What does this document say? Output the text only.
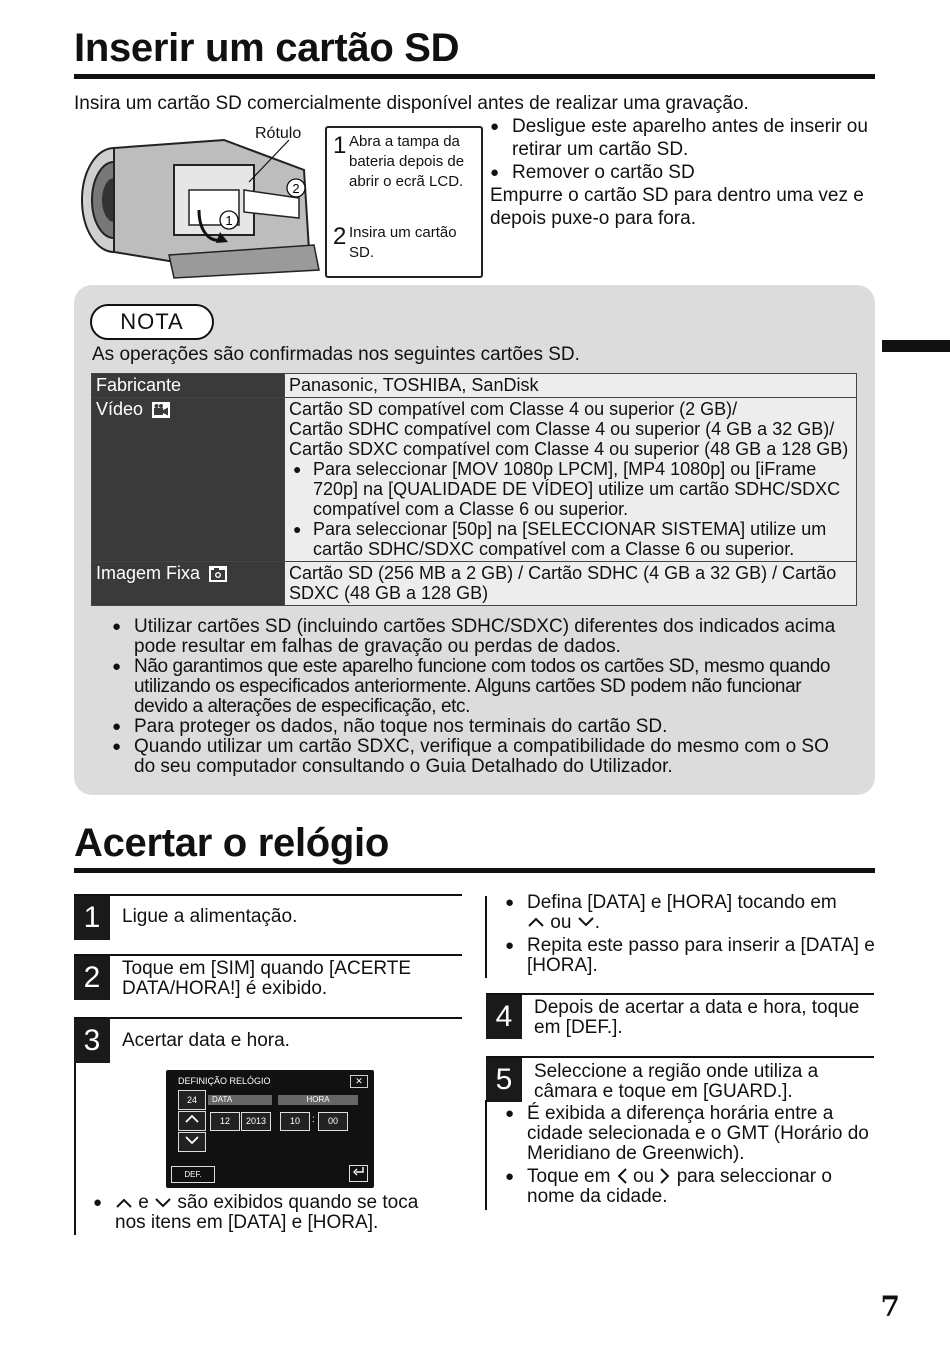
Inserir um cartão SD
Insira um cartão SD comercialmente disponível antes de realizar uma gravação.
1
2
Rótulo 1 Abra a tampa da bateria depois de abrir o ecrã LCD.
2 Insira um cartão SD.
● Desligue este aparelho antes de inserir ou retirar um cartão SD.
● Remover o cartão SD
Empurre o cartão SD para dentro uma vez e depois puxe-o para fora.
NOTA
As operações são confirmadas nos seguintes cartões SD.
Fabricante	Panasonic, TOSHIBA, SanDisk
Vídeo	Cartão SD compatível com Classe 4 ou superior (2 GB)/
Cartão SDHC compatível com Classe 4 ou superior (4 GB a 32 GB)/
Cartão SDXC compatível com Classe 4 ou superior (48 GB a 128 GB)
● Para seleccionar [MOV 1080p LPCM], [MP4 1080p] ou [iFrame 720p] na [QUALIDADE DE VÍDEO] utilize um cartão SDHC/SDXC compatível com a Classe 6 ou superior.
● Para seleccionar [50p] na [SELECCIONAR SISTEMA] utilize um cartão SDHC/SDXC compatível com a Classe 6 ou superior.

Imagem Fixa	Cartão SD (256 MB a 2 GB) / Cartão SDHC (4 GB a 32 GB) / Cartão SDXC (48 GB a 128 GB)
● Utilizar cartões SD (incluindo cartões SDHC/SDXC) diferentes dos indicados acima pode resultar em falhas de gravação ou perdas de dados.
● Não garantimos que este aparelho funcione com todos os cartões SD, mesmo quando utilizando os especificados anteriormente. Alguns cartões SD podem não funcionar devido a alterações de especificação, etc.
● Para proteger os dados, não toque nos terminais do cartão SD.
● Quando utilizar um cartão SDXC, verifique a compatibilidade do mesmo com o SO do seu computador consultando o Guia Detalhado do Utilizador.
Acertar o relógio
1	Ligue a alimentação.
2	Toque em [SIM] quando [ACERTE DATA/HORA!] é exibido.
3	Acertar data e hora.
DEFINIÇÃO RELÓGIO	✕
DATA	HORA
24
12	2013	10	:	00
DEF.
● e são exibidos quando se toca nos itens em [DATA] e [HORA].
● Defina [DATA] e [HORA] tocando em
ou .
● Repita este passo para inserir a [DATA] e [HORA].
4	Depois de acertar a data e hora, toque em [DEF.].
5	Seleccione a região onde utiliza a câmara e toque em [GUARD.].
● É exibida a diferença horária entre a cidade selecionada e o GMT (Horário do Meridiano de Greenwich).
● Toque em ou para seleccionar o nome da cidade.
7
